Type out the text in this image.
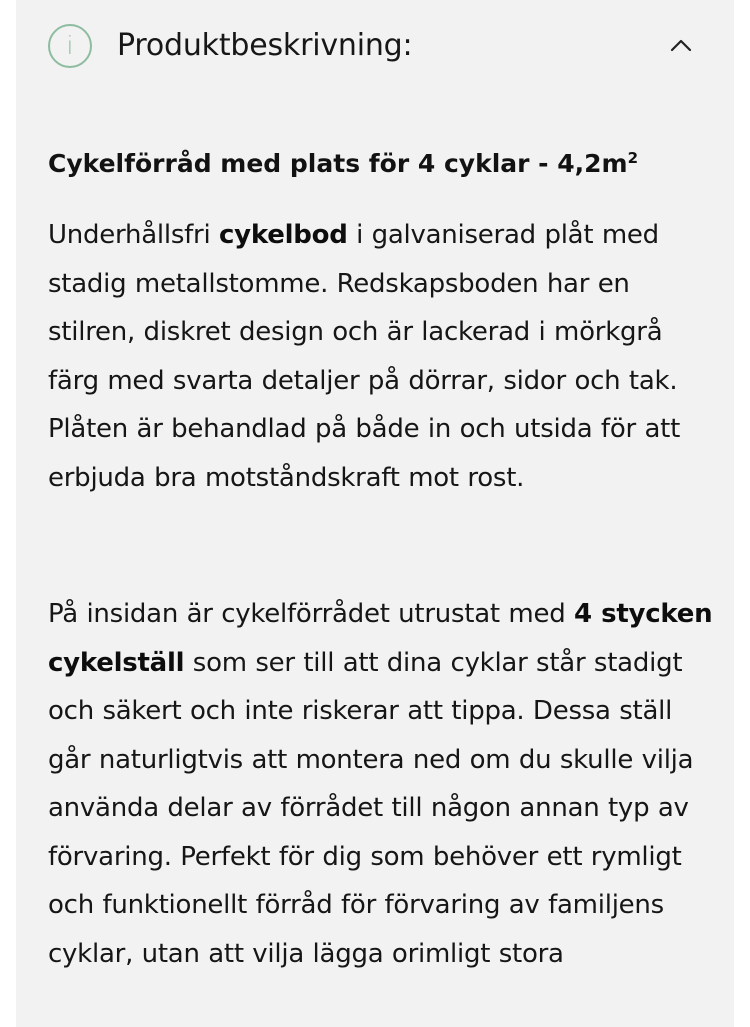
i	Produktbeskrivning:
Cykelförråd med plats för 4 cyklar - $4,2m^2$

Underhållsfri cykelbod i galvaniserad plåt med stadig metallstomme. Redskapsboden har en stilren, diskret design och är lackerad i mörkgrå färg med svarta detaljer på dörrar, sidor och tak. Plåten är behandlad på både in och utsida för att erbjuda bra motståndskraft mot rost.

På insidan är cykelförrådet utrustat med 4 stycken cykelställ som ser till att dina cyklar står stadigt och säkert och inte riskerar att tippa. Dessa ställ går naturligtvis att montera ned om du skulle vilja använda delar av förrådet till någon annan typ av förvaring. Perfekt för dig som behöver ett rymligt och funktionellt förråd för förvaring av familjens cyklar, utan att vilja lägga orimligt stora
